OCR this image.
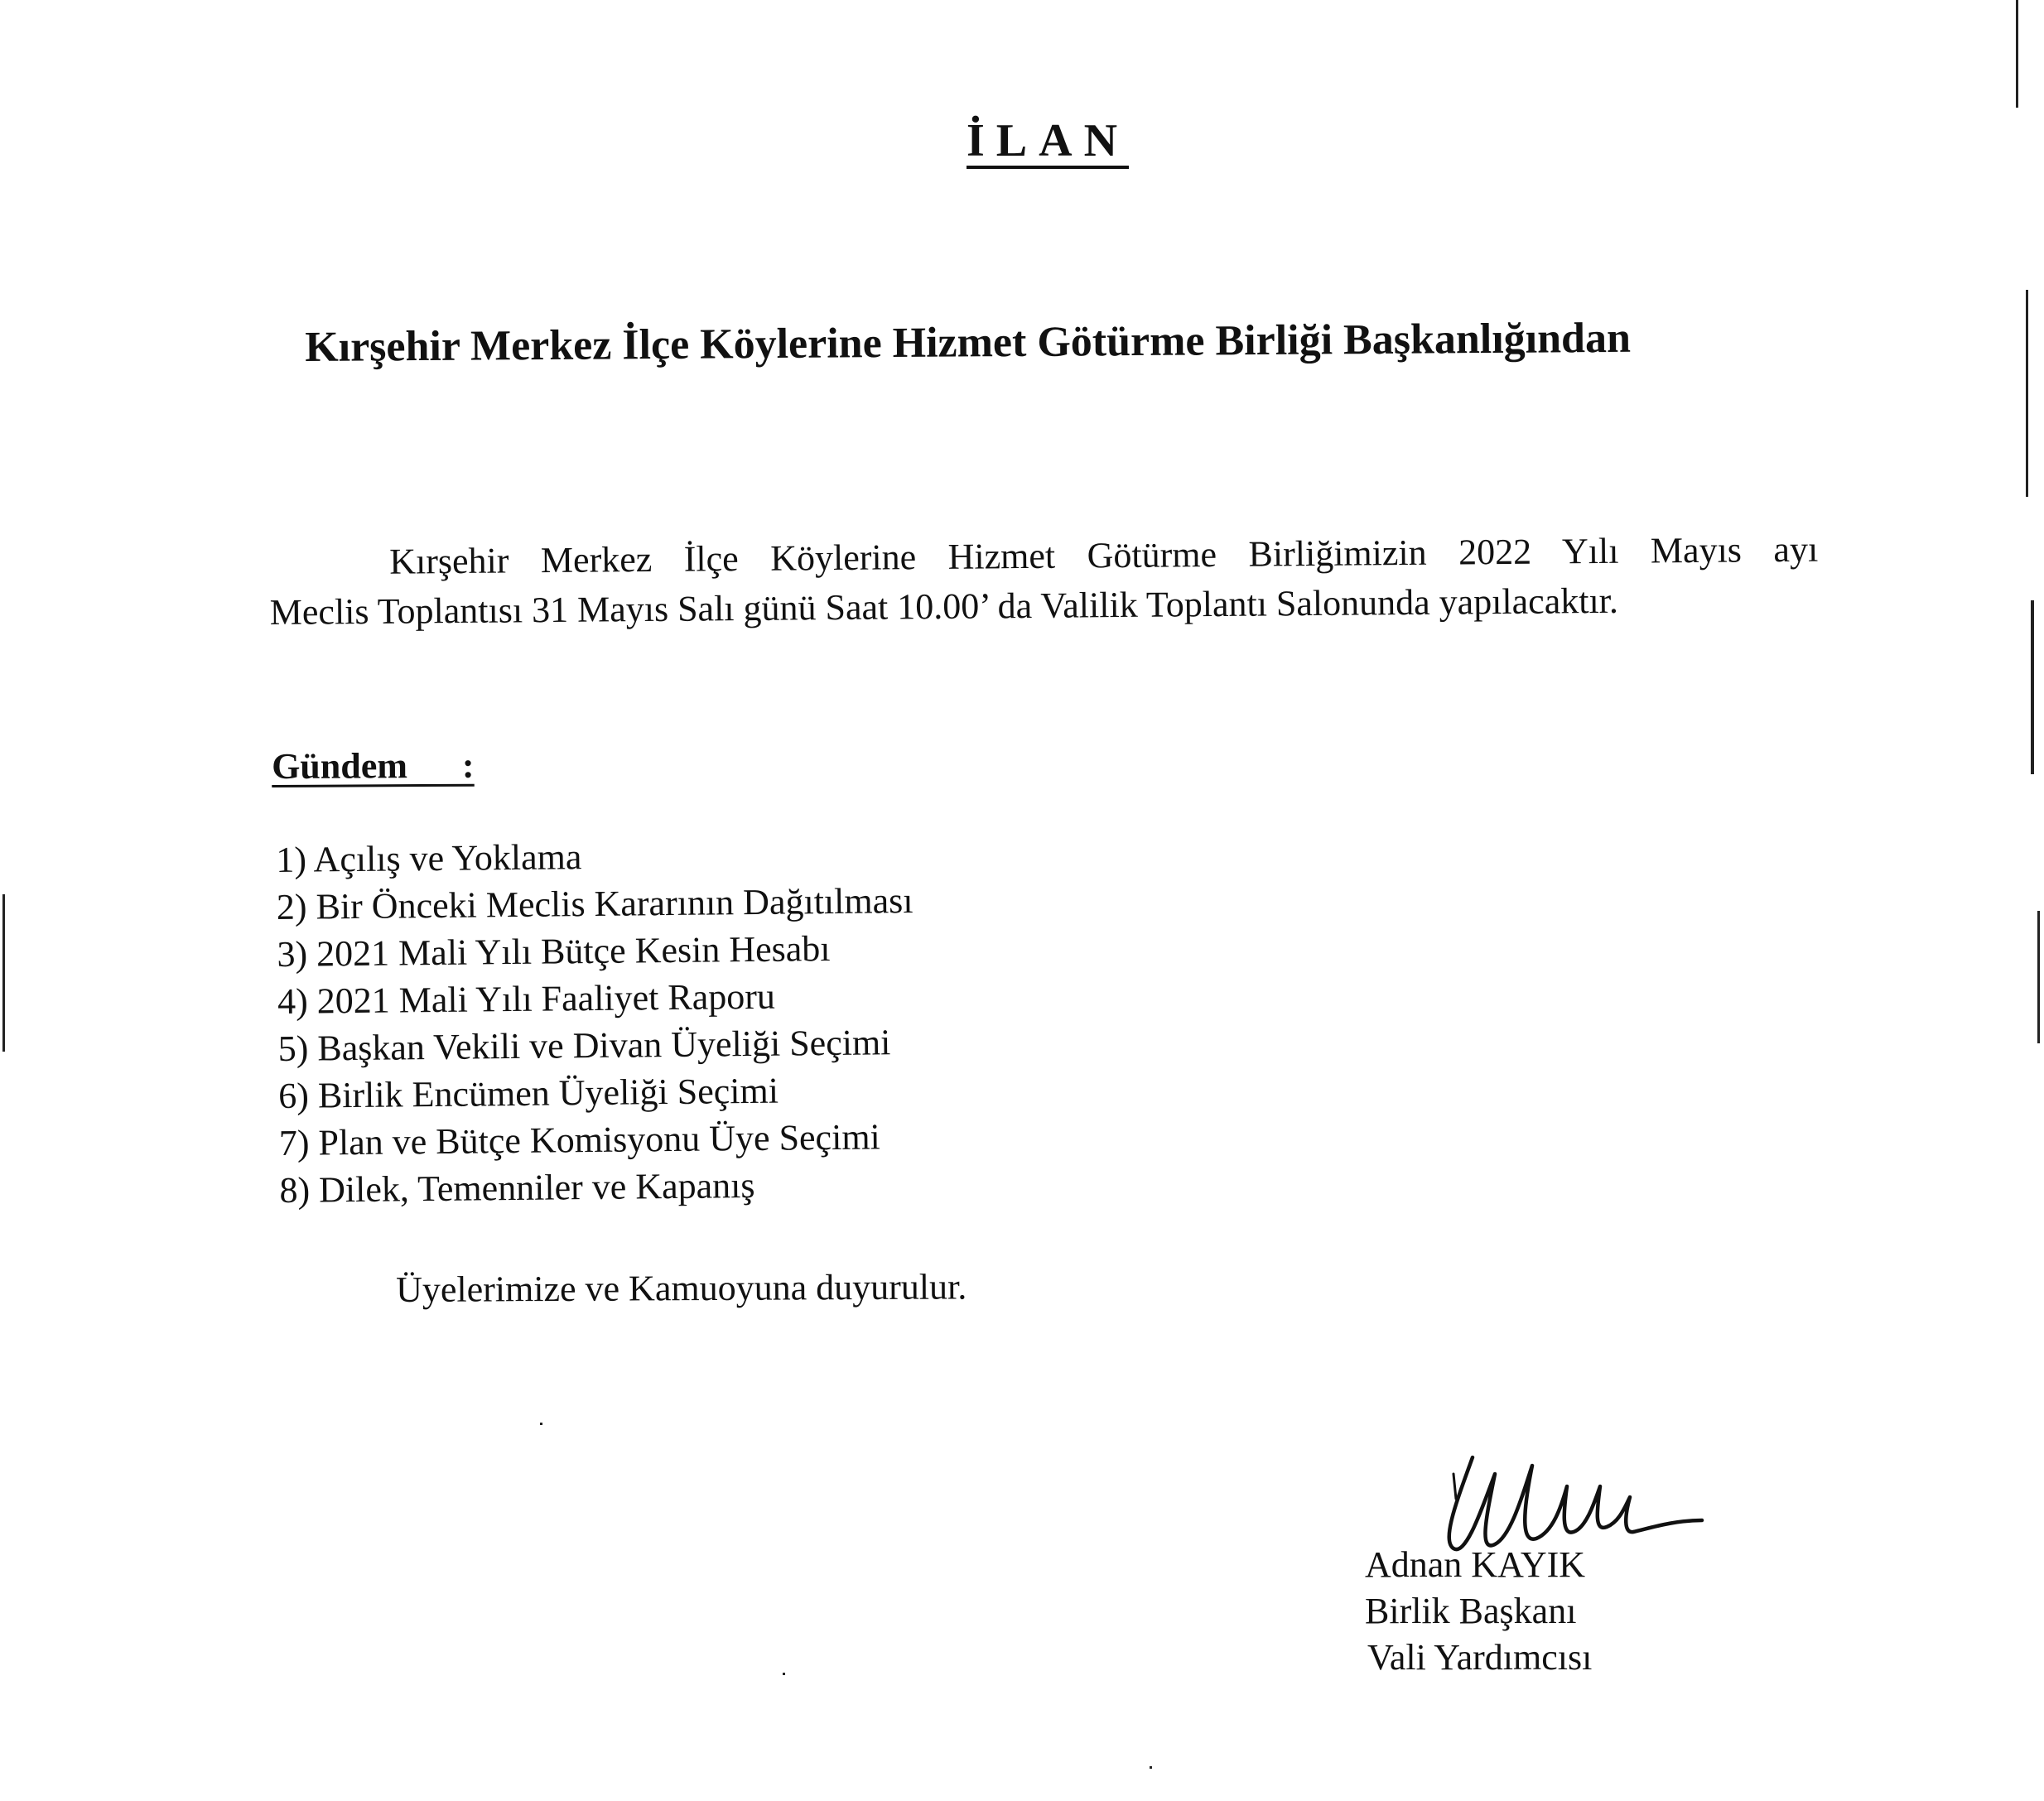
İLAN
Kırşehir Merkez İlçe Köylerine Hizmet Götürme Birliği Başkanlığından
Kırşehir Merkez İlçe Köylerine Hizmet Götürme Birliğimizin 2022 Yılı Mayıs ayı
Meclis Toplantısı 31 Mayıs Salı günü Saat 10.00’ da Valilik Toplantı Salonunda yapılacaktır.
Gündem      :
1) Açılış ve Yoklama
2) Bir Önceki Meclis Kararının Dağıtılması
3) 2021 Mali Yılı Bütçe Kesin Hesabı
4) 2021 Mali Yılı Faaliyet Raporu
5) Başkan Vekili ve Divan Üyeliği Seçimi
6) Birlik Encümen Üyeliği Seçimi
7) Plan ve Bütçe Komisyonu Üye Seçimi
8) Dilek, Temenniler ve Kapanış
Üyelerimize ve Kamuoyuna duyurulur.
Adnan KAYIK
Birlik Başkanı
Vali Yardımcısı
